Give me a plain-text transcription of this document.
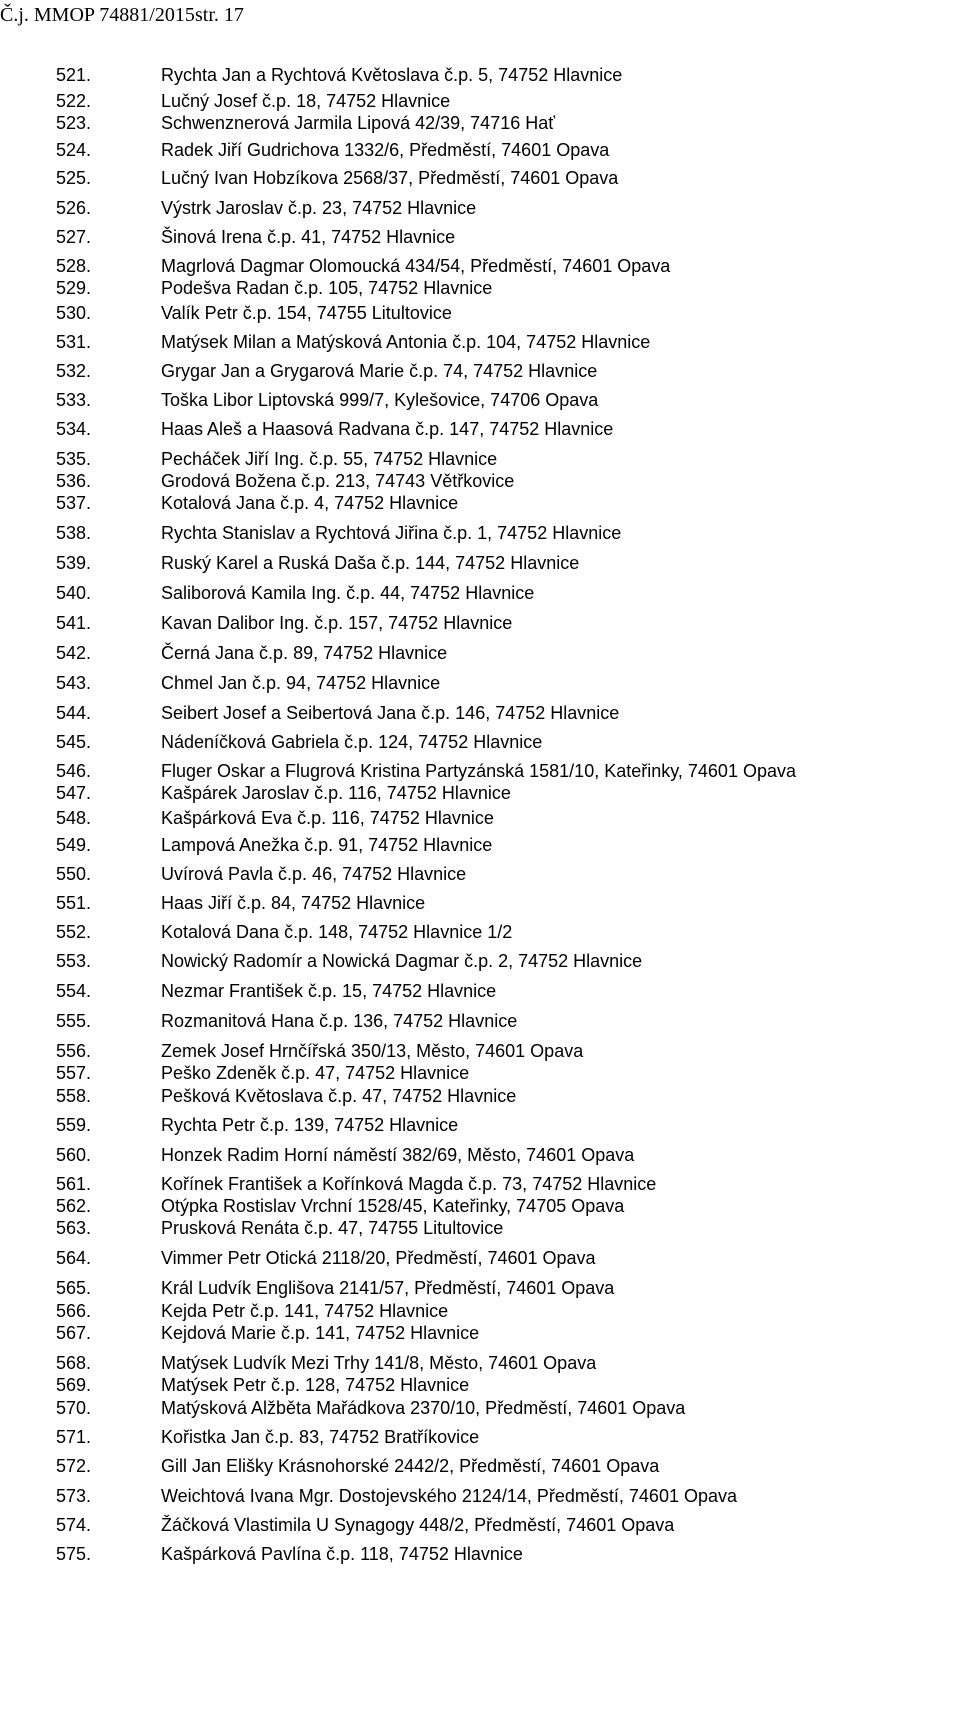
Č.j. MMOP 74881/2015 str. 17
521.	Rychta Jan a Rychtová Květoslava č.p. 5, 74752 Hlavnice
522.	Lučný Josef č.p. 18, 74752 Hlavnice
523.	Schwenznerová Jarmila Lipová 42/39, 74716 Hať
524.	Radek Jiří Gudrichova 1332/6, Předměstí, 74601 Opava
525.	Lučný Ivan Hobzíkova 2568/37, Předměstí, 74601 Opava
526.	Výstrk Jaroslav č.p. 23, 74752 Hlavnice
527.	Šinová Irena č.p. 41, 74752 Hlavnice
528.	Magrlová Dagmar Olomoucká 434/54, Předměstí, 74601 Opava
529.	Podešva Radan č.p. 105, 74752 Hlavnice
530.	Valík Petr č.p. 154, 74755 Litultovice
531.	Matýsek Milan a Matýsková Antonia č.p. 104, 74752 Hlavnice
532.	Grygar Jan a Grygarová Marie č.p. 74, 74752 Hlavnice
533.	Toška Libor Liptovská 999/7, Kylešovice, 74706 Opava
534.	Haas Aleš a Haasová Radvana č.p. 147, 74752 Hlavnice
535.	Pecháček Jiří Ing. č.p. 55, 74752 Hlavnice
536.	Grodová Božena č.p. 213, 74743 Větřkovice
537.	Kotalová Jana č.p. 4, 74752 Hlavnice
538.	Rychta Stanislav a Rychtová Jiřina č.p. 1, 74752 Hlavnice
539.	Ruský Karel a Ruská Daša č.p. 144, 74752 Hlavnice
540.	Saliborová Kamila Ing. č.p. 44, 74752 Hlavnice
541.	Kavan Dalibor Ing. č.p. 157, 74752 Hlavnice
542.	Černá Jana č.p. 89, 74752 Hlavnice
543.	Chmel Jan č.p. 94, 74752 Hlavnice
544.	Seibert Josef a Seibertová Jana č.p. 146, 74752 Hlavnice
545.	Nádeníčková Gabriela č.p. 124, 74752 Hlavnice
546.	Fluger Oskar a Flugrová Kristina Partyzánská 1581/10, Kateřinky, 74601 Opava
547.	Kašpárek Jaroslav č.p. 116, 74752 Hlavnice
548.	Kašpárková Eva č.p. 116, 74752 Hlavnice
549.	Lampová Anežka č.p. 91, 74752 Hlavnice
550.	Uvírová Pavla č.p. 46, 74752 Hlavnice
551.	Haas Jiří č.p. 84, 74752 Hlavnice
552.	Kotalová Dana č.p. 148, 74752 Hlavnice 1/2
553.	Nowický Radomír a Nowická Dagmar č.p. 2, 74752 Hlavnice
554.	Nezmar František č.p. 15, 74752 Hlavnice
555.	Rozmanitová Hana č.p. 136, 74752 Hlavnice
556.	Zemek Josef Hrnčířská 350/13, Město, 74601 Opava
557.	Peško Zdeněk č.p. 47, 74752 Hlavnice
558.	Pešková Květoslava č.p. 47, 74752 Hlavnice
559.	Rychta Petr č.p. 139, 74752 Hlavnice
560.	Honzek Radim Horní náměstí 382/69, Město, 74601 Opava
561.	Kořínek František a Kořínková Magda č.p. 73, 74752 Hlavnice
562.	Otýpka Rostislav Vrchní 1528/45, Kateřinky, 74705 Opava
563.	Prusková Renáta č.p. 47, 74755 Litultovice
564.	Vimmer Petr Otická 2118/20, Předměstí, 74601 Opava
565.	Král Ludvík Englišova 2141/57, Předměstí, 74601 Opava
566.	Kejda Petr č.p. 141, 74752 Hlavnice
567.	Kejdová Marie č.p. 141, 74752 Hlavnice
568.	Matýsek Ludvík Mezi Trhy 141/8, Město, 74601 Opava
569.	Matýsek Petr č.p. 128, 74752 Hlavnice
570.	Matýsková Alžběta Mařádkova 2370/10, Předměstí, 74601 Opava
571.	Kořistka Jan č.p. 83, 74752 Bratříkovice
572.	Gill Jan Elišky Krásnohorské 2442/2, Předměstí, 74601 Opava
573.	Weichtová Ivana Mgr. Dostojevského 2124/14, Předměstí, 74601 Opava
574.	Žáčková Vlastimila U Synagogy 448/2, Předměstí, 74601 Opava
575.	Kašpárková Pavlína č.p. 118, 74752 Hlavnice
